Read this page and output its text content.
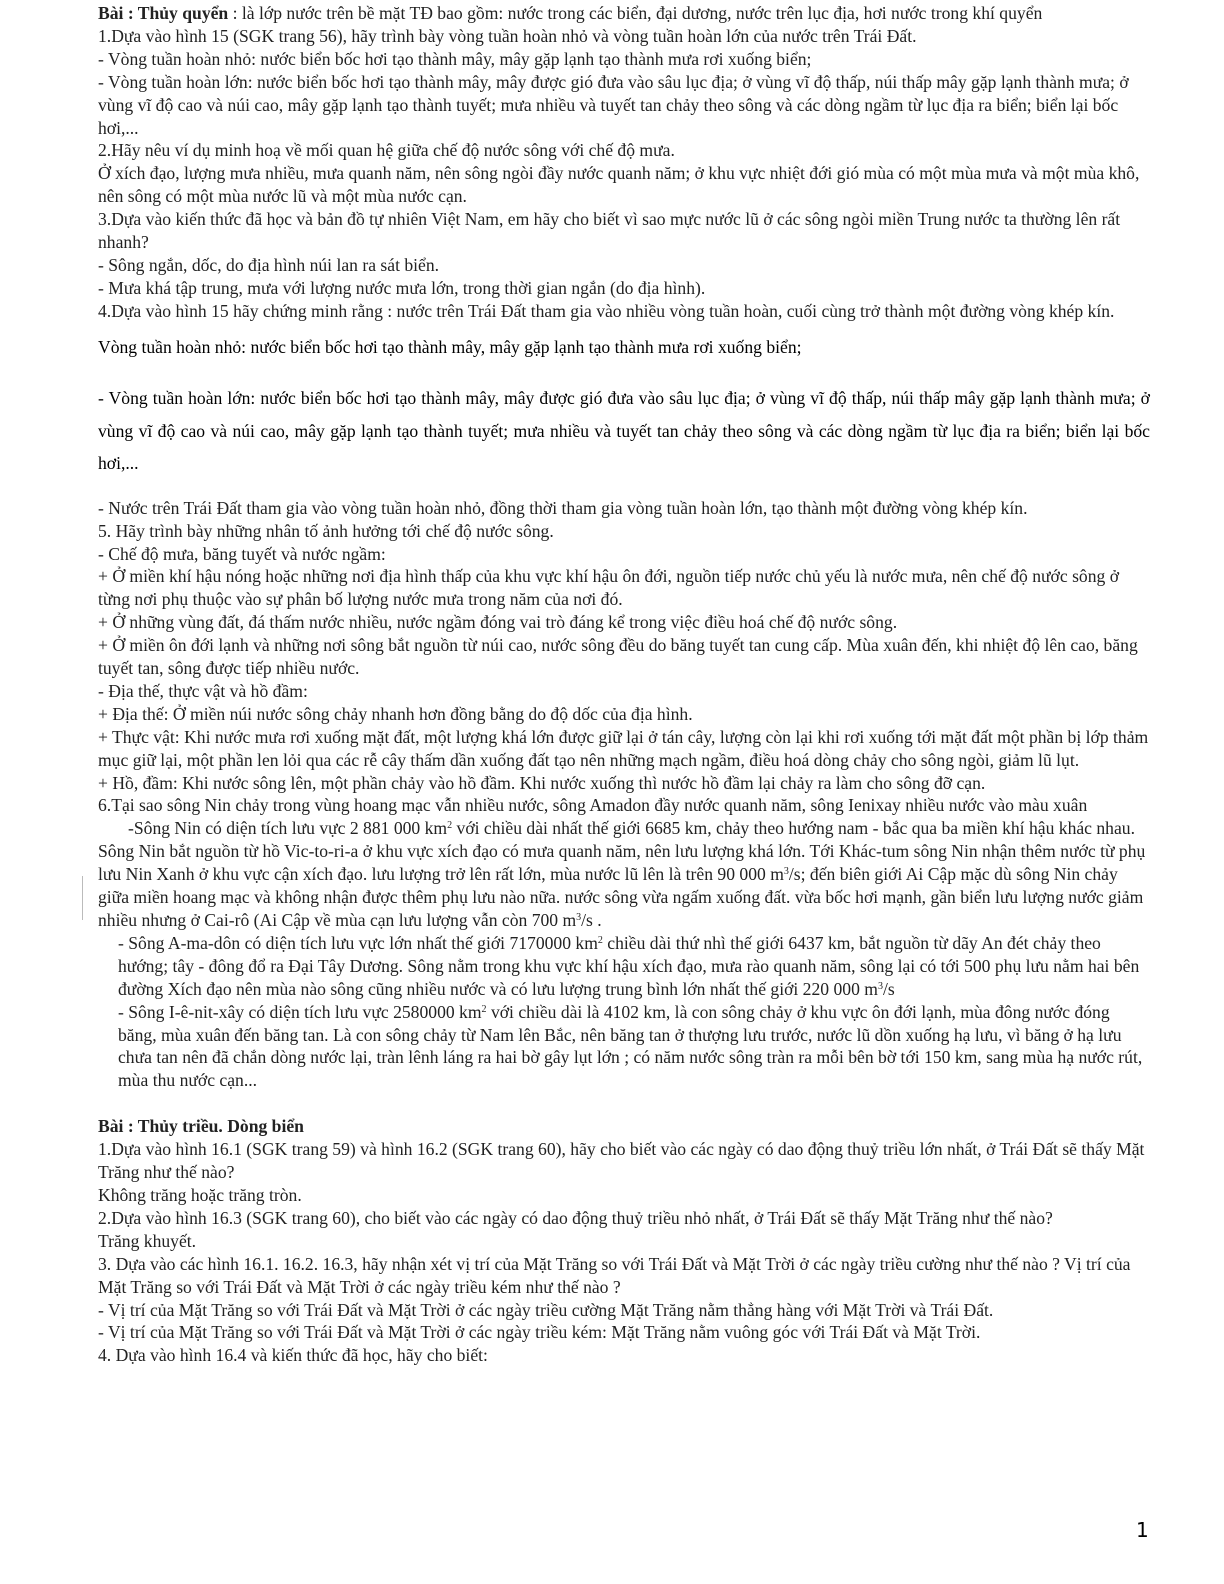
Bài : Thủy quyển : là lớp nước trên bề mặt TĐ bao gồm: nước trong các biển, đại dương, nước trên lục địa, hơi nước trong khí quyển

1.Dựa vào hình 15 (SGK trang 56), hãy trình bày vòng tuần hoàn nhỏ và vòng tuần hoàn lớn của nước trên Trái Đất.

- Vòng tuần hoàn nhỏ: nước biển bốc hơi tạo thành mây, mây gặp lạnh tạo thành mưa rơi xuống biển;

- Vòng tuần hoàn lớn: nước biển bốc hơi tạo thành mây, mây được gió đưa vào sâu lục địa; ở vùng vĩ độ thấp, núi thấp mây gặp lạnh thành mưa; ở vùng vĩ độ cao và núi cao, mây gặp lạnh tạo thành tuyết; mưa nhiều và tuyết tan chảy theo sông và các dòng ngầm từ lục địa ra biển; biển lại bốc hơi,...

2.Hãy nêu ví dụ minh hoạ về mối quan hệ giữa chế độ nước sông với chế độ mưa.

Ở xích đạo, lượng mưa nhiều, mưa quanh năm, nên sông ngòi đầy nước quanh năm; ở khu vực nhiệt đới gió mùa có một mùa mưa và một mùa khô, nên sông có một mùa nước lũ và một mùa nước cạn.

3.Dựa vào kiến thức đã học và bản đồ tự nhiên Việt Nam, em hãy cho biết vì sao mực nước lũ ở các sông ngòi miền Trung nước ta thường lên rất nhanh?

- Sông ngắn, dốc, do địa hình núi lan ra sát biển.

- Mưa khá tập trung, mưa với lượng nước mưa lớn, trong thời gian ngắn (do địa hình).

4.Dựa vào hình 15 hãy chứng minh rằng : nước trên Trái Đất tham gia vào nhiều vòng tuần hoàn, cuối cùng trở thành một đường vòng khép kín.

Vòng tuần hoàn nhỏ: nước biển bốc hơi tạo thành mây, mây gặp lạnh tạo thành mưa rơi xuống biển;

- Vòng tuần hoàn lớn: nước biển bốc hơi tạo thành mây, mây được gió đưa vào sâu lục địa; ở vùng vĩ độ thấp, núi thấp mây gặp lạnh thành mưa; ở vùng vĩ độ cao và núi cao, mây gặp lạnh tạo thành tuyết; mưa nhiều và tuyết tan chảy theo sông và các dòng ngầm từ lục địa ra biển; biển lại bốc hơi,...

- Nước trên Trái Đất tham gia vào vòng tuần hoàn nhỏ, đồng thời tham gia vòng tuần hoàn lớn, tạo thành một đường vòng khép kín.

5. Hãy trình bày những nhân tố ảnh hưởng tới chế độ nước sông.

- Chế độ mưa, băng tuyết và nước ngầm:

+ Ở miền khí hậu nóng hoặc những nơi địa hình thấp của khu vực khí hậu ôn đới, nguồn tiếp nước chủ yếu là nước mưa, nên chế độ nước sông ở từng nơi phụ thuộc vào sự phân bố lượng nước mưa trong năm của nơi đó.

+ Ở những vùng đất, đá thấm nước nhiều, nước ngầm đóng vai trò đáng kể trong việc điều hoá chế độ nước sông.

+ Ở miền ôn đới lạnh và những nơi sông bắt nguồn từ núi cao, nước sông đều do băng tuyết tan cung cấp. Mùa xuân đến, khi nhiệt độ lên cao, băng tuyết tan, sông được tiếp nhiều nước.

- Địa thế, thực vật và hồ đầm:

+ Địa thế: Ở miền núi nước sông chảy nhanh hơn đồng bằng do độ dốc của địa hình.

+ Thực vật: Khi nước mưa rơi xuống mặt đất, một lượng khá lớn được giữ lại ở tán cây, lượng còn lại khi rơi xuống tới mặt đất một phần bị lớp thảm mục giữ lại, một phần len lỏi qua các rễ cây thấm dần xuống đất tạo nên những mạch ngầm, điều hoá dòng chảy cho sông ngòi, giảm lũ lụt.

+ Hồ, đầm: Khi nước sông lên, một phần chảy vào hồ đầm. Khi nước xuống thì nước hồ đầm lại chảy ra làm cho sông đỡ cạn.

6.Tại sao sông Nin chảy trong vùng hoang mạc vẫn nhiều nước, sông Amadon đầy nước quanh năm, sông Ienixay nhiều nước vào màu xuân

-Sông Nin có diện tích lưu vực 2 881 000 $km^2$ với chiều dài nhất thế giới 6685 km, chảy theo hướng nam - bắc qua ba miền khí hậu khác nhau.

Sông Nin bắt nguồn từ hồ Vic-to-ri-a ở khu vực xích đạo có mưa quanh năm, nên lưu lượng khá lớn. Tới Khác-tum sông Nin nhận thêm nước từ phụ lưu Nin Xanh ở khu vực cận xích đạo. lưu lượng trở lên rất lớn, mùa nước lũ lên là trên 90 000 $m^3/s$; đến biên giới Ai Cập mặc dù sông Nin chảy giữa miền hoang mạc và không nhận được thêm phụ lưu nào nữa. nước sông vừa ngấm xuống đất. vừa bốc hơi mạnh, gần biển lưu lượng nước giảm nhiều nhưng ở Cai-rô (Ai Cập về mùa cạn lưu lượng vẫn còn 700 $m^3/s$ .

- Sông A-ma-dôn có diện tích lưu vực lớn nhất thế giới 7170000 $km^2$ chiều dài thứ nhì thế giới 6437 km, bắt nguồn từ dãy An đét chảy theo hướng; tây - đông đổ ra Đại Tây Dương. Sông nằm trong khu vực khí hậu xích đạo, mưa rào quanh năm, sông lại có tới 500 phụ lưu nằm hai bên đường Xích đạo nên mùa nào sông cũng nhiều nước và có lưu lượng trung bình lớn nhất thế giới 220 000 $m^3/s$

- Sông I-ê-nit-xây có diện tích lưu vực 2580000 $km^2$ với chiều dài là 4102 km, là con sông chảy ở khu vực ôn đới lạnh, mùa đông nước đóng băng, mùa xuân đến băng tan. Là con sông chảy từ Nam lên Bắc, nên băng tan ở thượng lưu trước, nước lũ dồn xuống hạ lưu, vì băng ở hạ lưu chưa tan nên đã chắn dòng nước lại, tràn lênh láng ra hai bờ gây lụt lớn ; có năm nước sông tràn ra mỗi bên bờ tới 150 km, sang mùa hạ nước rút, mùa thu nước cạn...

Bài : Thủy triều. Dòng biển

1.Dựa vào hình 16.1 (SGK trang 59) và hình 16.2 (SGK trang 60), hãy cho biết vào các ngày có dao động thuỷ triều lớn nhất, ở Trái Đất sẽ thấy Mặt Trăng như thế nào?

Không trăng hoặc trăng tròn.

2.Dựa vào hình 16.3 (SGK trang 60), cho biết vào các ngày có dao động thuỷ triều nhỏ nhất, ở Trái Đất sẽ thấy Mặt Trăng như thế nào?

Trăng khuyết.

3. Dựa vào các hình 16.1. 16.2. 16.3, hãy nhận xét vị trí của Mặt Trăng so với Trái Đất và Mặt Trời ở các ngày triều cường như thế nào ? Vị trí của Mặt Trăng so với Trái Đất và Mặt Trời ở các ngày triều kém như thế nào ?

- Vị trí của Mặt Trăng so với Trái Đất và Mặt Trời ở các ngày triều cường Mặt Trăng nằm thẳng hàng với Mặt Trời và Trái Đất.

- Vị trí của Mặt Trăng so với Trái Đất và Mặt Trời ở các ngày triều kém: Mặt Trăng nằm vuông góc với Trái Đất và Mặt Trời.

4. Dựa vào hình 16.4 và kiến thức đã học, hãy cho biết:

1
